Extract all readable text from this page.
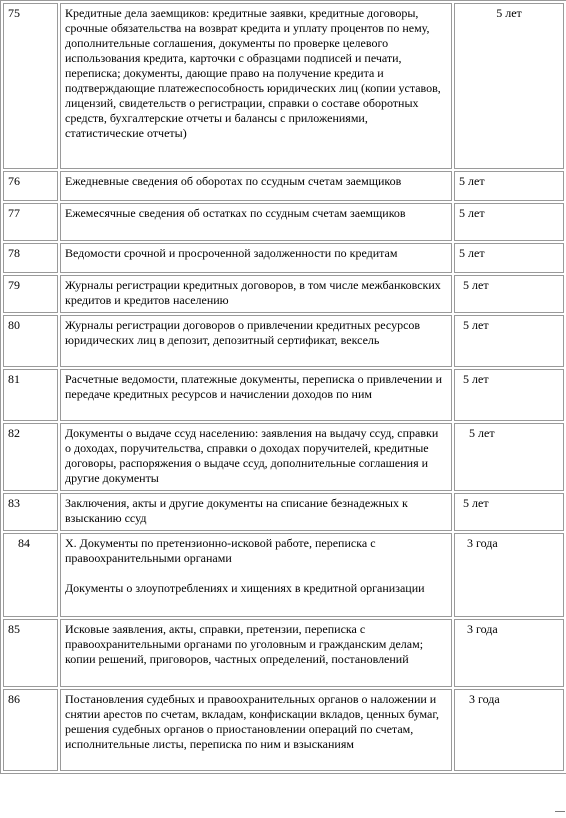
75	Кредитные дела заемщиков: кредитные заявки, кредитные договоры, срочные обязательства на возврат кредита и уплату процентов по нему, дополнительные соглашения, документы по проверке целевого использования кредита, карточки с образцами подписей и печати, переписка; документы, дающие право на получение кредита и подтверждающие платежеспособность юридических лиц (копии уставов, лицензий, свидетельств о регистрации, справки о составе оборотных средств, бухгалтерские отчеты и балансы с приложениями, статистические отчеты)	5 лет
76	Ежедневные сведения об оборотах по ссудным счетам заемщиков	5 лет
77	Ежемесячные сведения об остатках по ссудным счетам заемщиков	5 лет
78	Ведомости срочной и просроченной задолженности по кредитам	5 лет
79	Журналы регистрации кредитных договоров, в том числе межбанковских кредитов и кредитов населению	5 лет
80	Журналы регистрации договоров о привлечении кредитных ресурсов юридических лиц в депозит, депозитный сертификат, вексель	5 лет
81	Расчетные ведомости, платежные документы, переписка о привлечении и передаче кредитных ресурсов и начислении доходов по ним	5 лет
82	Документы о выдаче ссуд населению: заявления на выдачу ссуд, справки о доходах, поручительства, справки о доходах поручителей, кредитные договоры, распоряжения о выдаче ссуд, дополнительные соглашения и другие документы	5 лет
83	Заключения, акты и другие документы на списание безнадежных к взысканию ссуд	5 лет
84	X. Документы по претензионно-исковой работе, переписка с правоохранительными органами
Документы о злоупотреблениях и хищениях в кредитной организации	3 года
85	Исковые заявления, акты, справки, претензии, переписка с правоохранительными органами по уголовным и гражданским делам; копии решений, приговоров, частных определений, постановлений	3 года
86	Постановления судебных и правоохранительных органов о наложении и снятии арестов по счетам, вкладам, конфискации вкладов, ценных бумаг, решения судебных органов о приостановлении операций по счетам, исполнительные листы, переписка по ним и взысканиям	3 года
